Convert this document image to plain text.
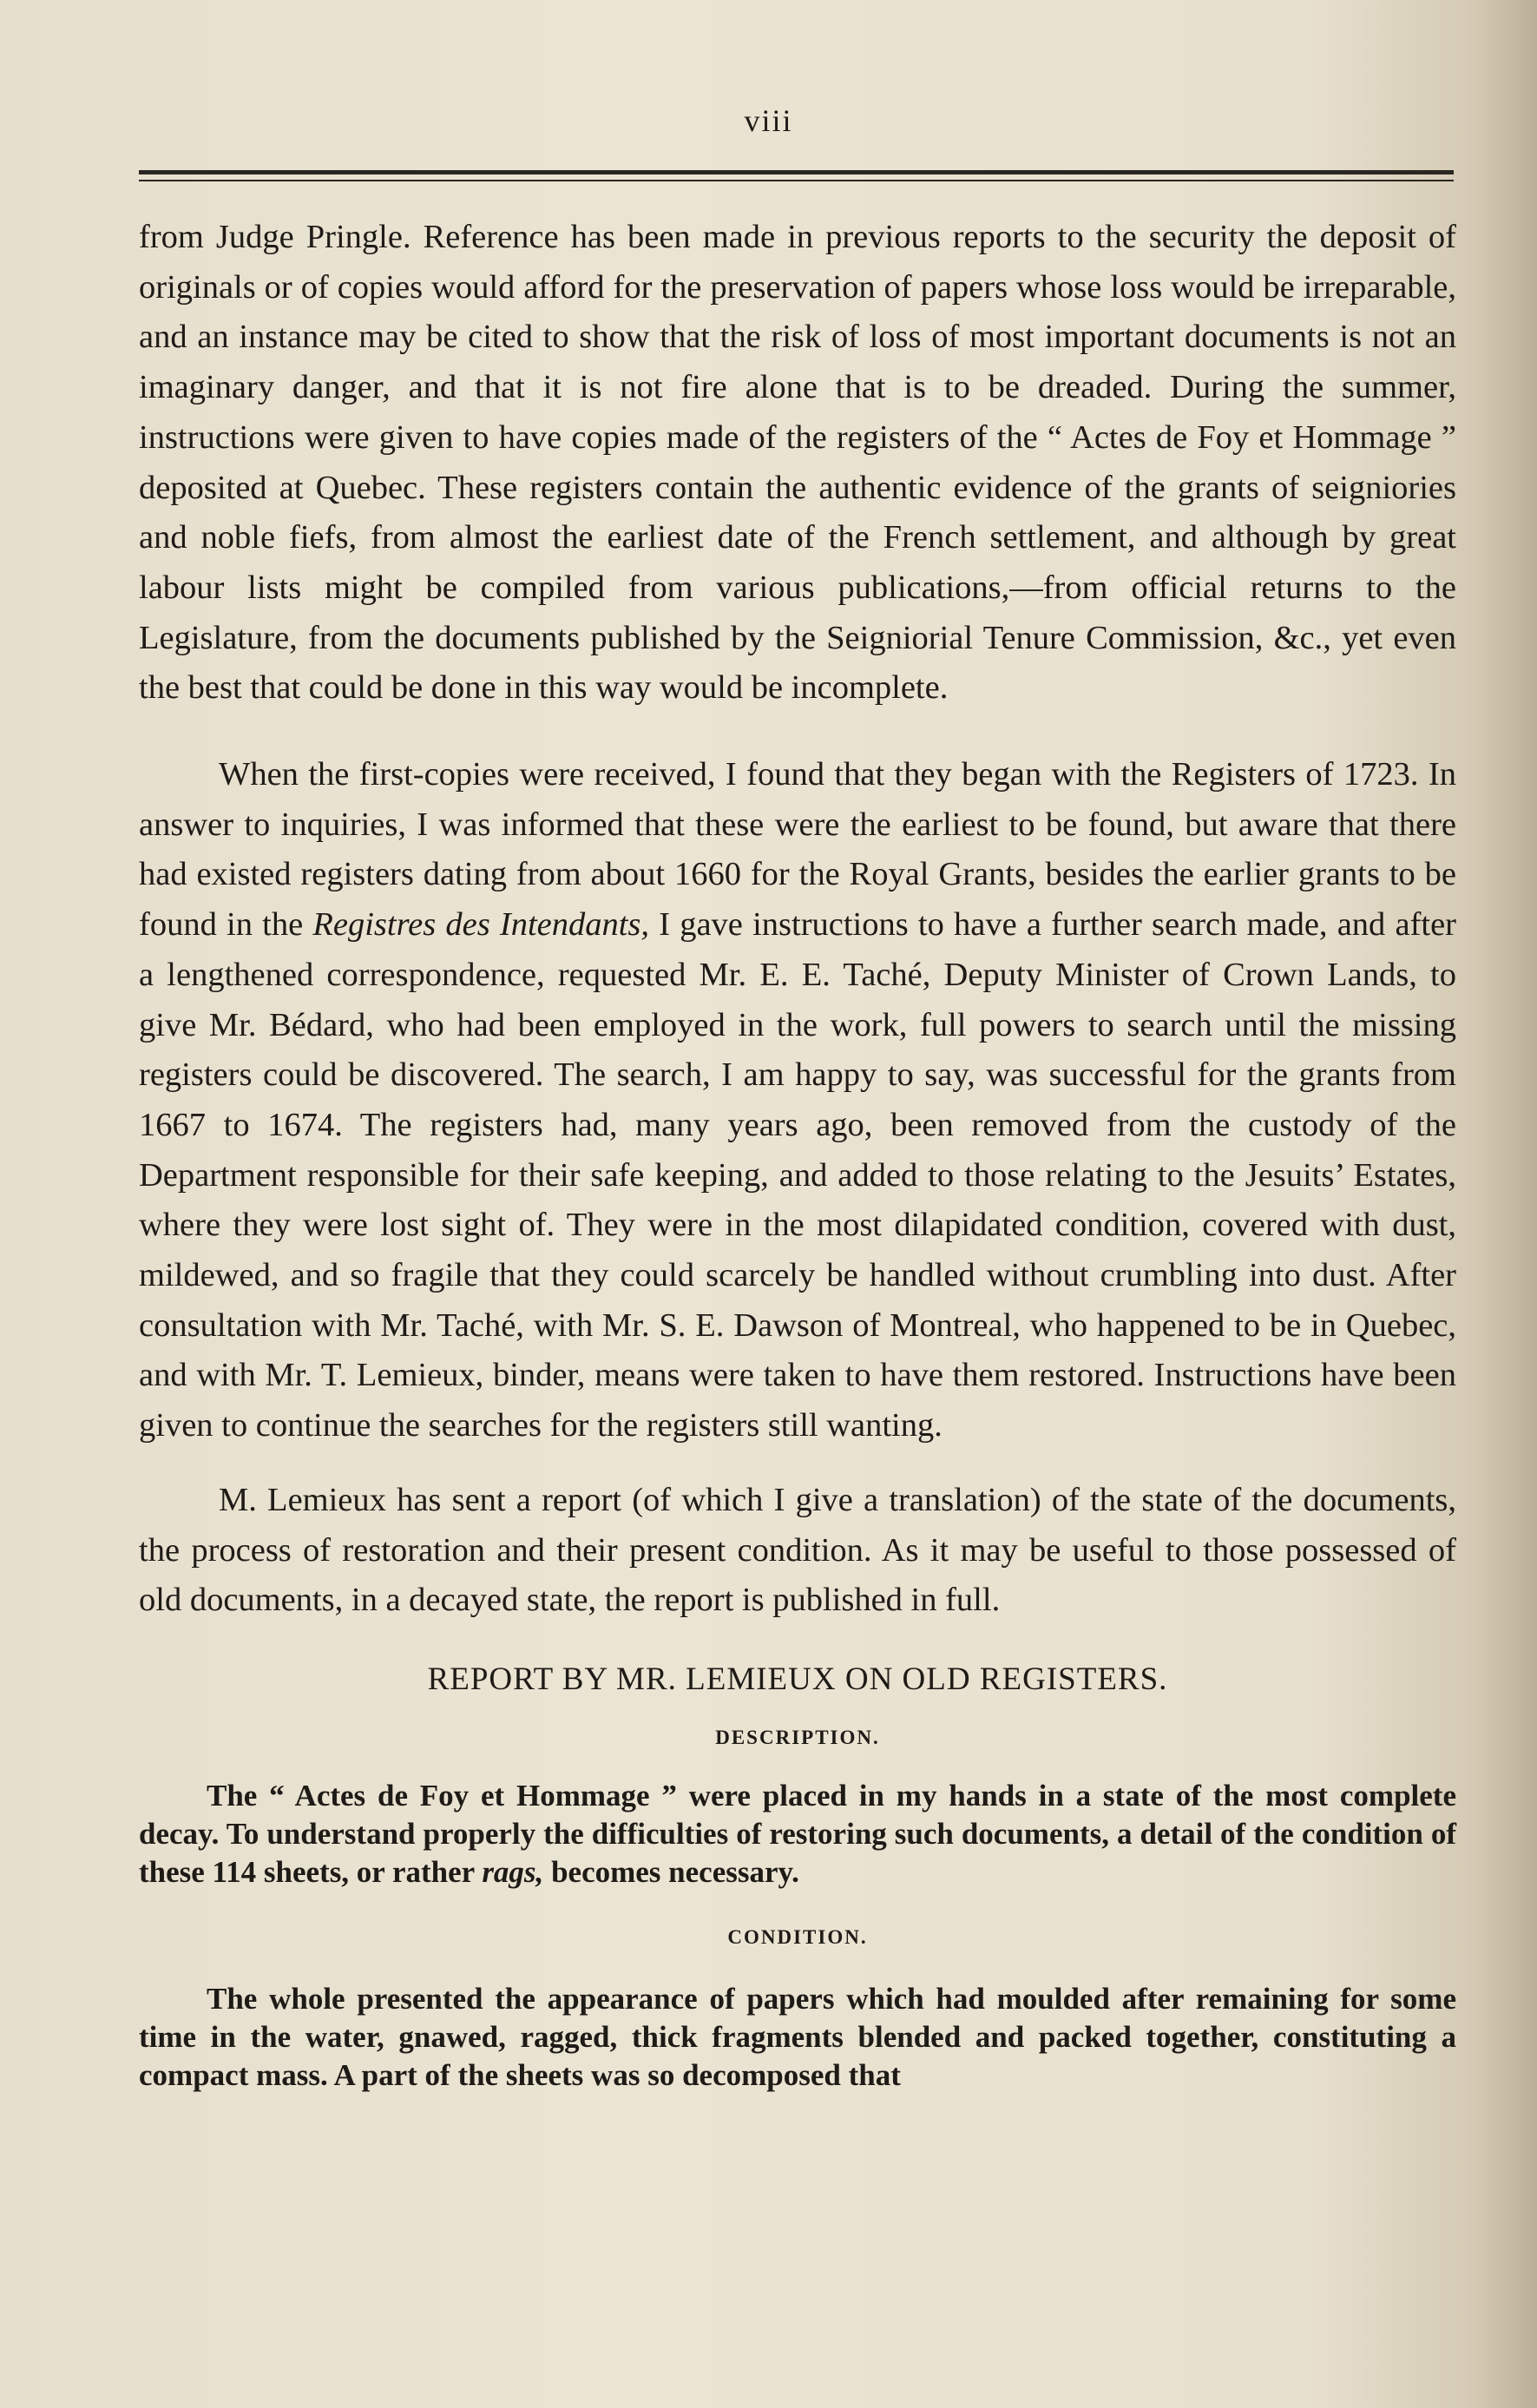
viii

from Judge Pringle. Reference has been made in previous reports to the security the deposit of originals or of copies would afford for the preservation of papers whose loss would be irreparable, and an instance may be cited to show that the risk of loss of most important documents is not an imaginary danger, and that it is not fire alone that is to be dreaded. During the summer, instructions were given to have copies made of the registers of the “ Actes de Foy et Hommage ” deposited at Quebec. These registers contain the authentic evidence of the grants of seigniories and noble fiefs, from almost the earliest date of the French settlement, and although by great labour lists might be compiled from various publications,—from official returns to the Legislature, from the documents published by the Seigniorial Tenure Commission, &c., yet even the best that could be done in this way would be incomplete.

When the first-copies were received, I found that they began with the Registers of 1723. In answer to inquiries, I was informed that these were the earliest to be found, but aware that there had existed registers dating from about 1660 for the Royal Grants, besides the earlier grants to be found in the Registres des Intendants, I gave instructions to have a further search made, and after a lengthened correspondence, requested Mr. E. E. Taché, Deputy Minister of Crown Lands, to give Mr. Bédard, who had been employed in the work, full powers to search until the missing registers could be discovered. The search, I am happy to say, was successful for the grants from 1667 to 1674. The registers had, many years ago, been removed from the custody of the Department responsible for their safe keeping, and added to those relating to the Jesuits’ Estates, where they were lost sight of. They were in the most dilapidated condition, covered with dust, mildewed, and so fragile that they could scarcely be handled without crumbling into dust. After consultation with Mr. Taché, with Mr. S. E. Dawson of Montreal, who happened to be in Quebec, and with Mr. T. Lemieux, binder, means were taken to have them restored. Instructions have been given to continue the searches for the registers still wanting.

M. Lemieux has sent a report (of which I give a translation) of the state of the documents, the process of restoration and their present condition. As it may be useful to those possessed of old documents, in a decayed state, the report is published in full.

REPORT BY MR. LEMIEUX ON OLD REGISTERS.

DESCRIPTION.

The “ Actes de Foy et Hommage ” were placed in my hands in a state of the most complete decay. To understand properly the difficulties of restoring such documents, a detail of the condition of these 114 sheets, or rather rags, becomes necessary.

CONDITION.

The whole presented the appearance of papers which had moulded after remaining for some time in the water, gnawed, ragged, thick fragments blended and packed together, constituting a compact mass. A part of the sheets was so decomposed that
